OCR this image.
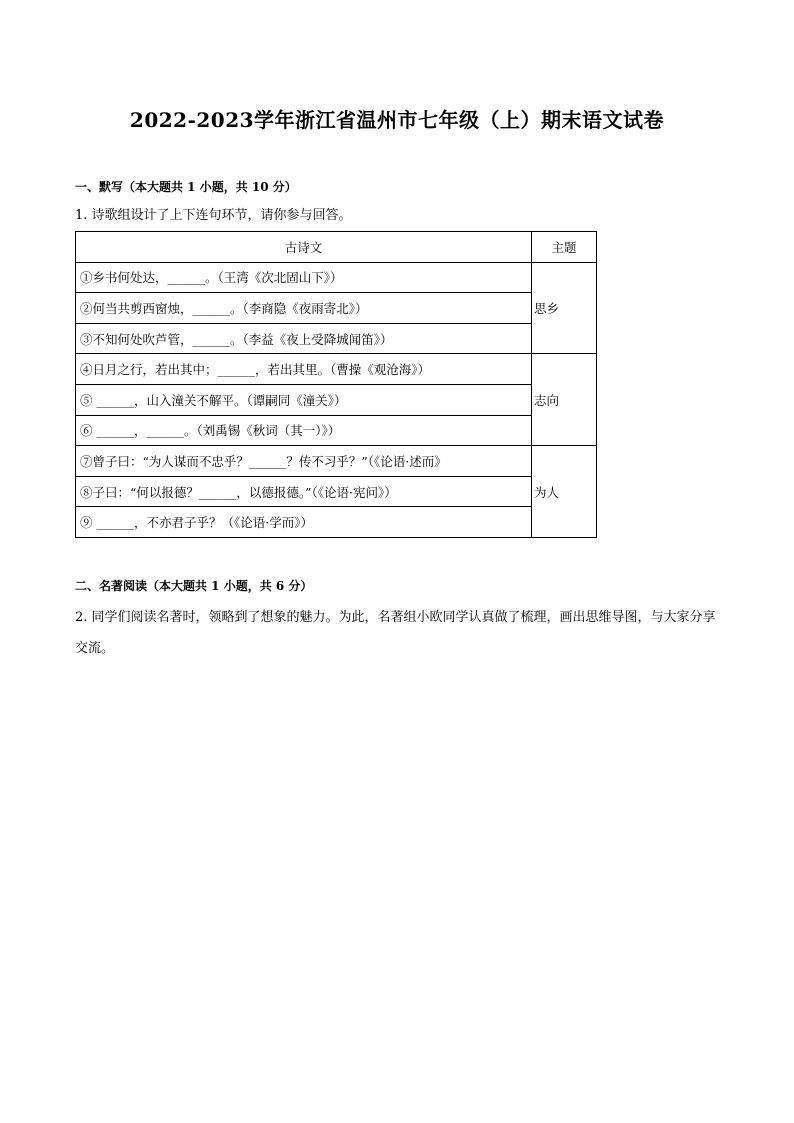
2022-2023学年浙江省温州市七年级（上）期末语文试卷
一、默写（本大题共 1 小题，共 10 分）
1. 诗歌组设计了上下连句环节，请你参与回答。
古诗文	主题
①乡书何处达，______。（王湾《次北固山下》）	思乡
②何当共剪西窗烛，______。（李商隐《夜雨寄北》）	
③不知何处吹芦管，______。（李益《夜上受降城闻笛》）	
④日月之行，若出其中；______，若出其里。（曹操《观沧海》）	志向
⑤ ______，山入潼关不解平。（谭嗣同《潼关》）	
⑥ ______，______。（刘禹锡《秋词（其一）》）	
⑦曾子曰：“为人谋而不忠乎？______？传不习乎？”（《论语·述而》	为人
⑧子曰：“何以报德？______，以德报德。”（《论语·宪问》）	
⑨ ______，不亦君子乎？（《论语·学而》）	
二、名著阅读（本大题共 1 小题，共 6 分）
2. 同学们阅读名著时，领略到了想象的魅力。为此，名著组小欧同学认真做了梳理，画出思维导图，与大家分享交流。
